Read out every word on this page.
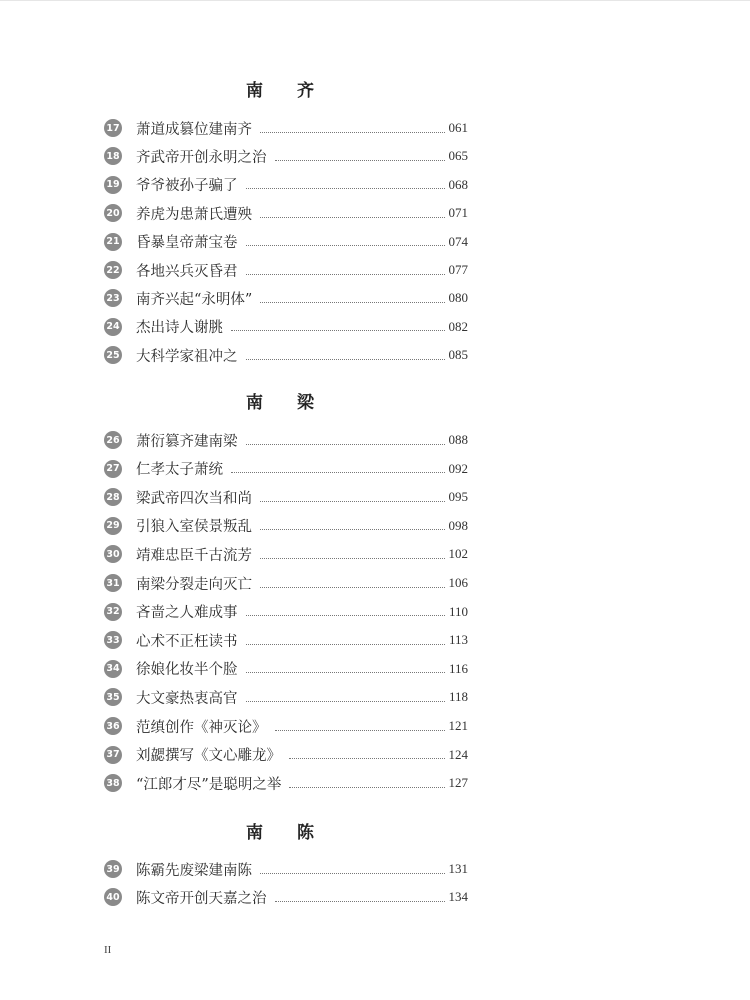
南 齐
17 萧道成篡位建南齐	061
18 齐武帝开创永明之治	065
19 爷爷被孙子骗了	068
20 养虎为患萧氏遭殃	071
21 昏暴皇帝萧宝卷	074
22 各地兴兵灭昏君	077
23 南齐兴起“永明体”	080
24 杰出诗人谢朓	082
25 大科学家祖冲之	085
南 梁
26 萧衍篡齐建南梁	088
27 仁孝太子萧统	092
28 梁武帝四次当和尚	095
29 引狼入室侯景叛乱	098
30 靖难忠臣千古流芳	102
31 南梁分裂走向灭亡	106
32 吝啬之人难成事	110
33 心术不正枉读书	113
34 徐娘化妆半个脸	116
35 大文豪热衷高官	118
36 范缜创作《神灭论》	121
37 刘勰撰写《文心雕龙》	124
38 “江郎才尽”是聪明之举	127
南 陈
39 陈霸先废梁建南陈	131
40 陈文帝开创天嘉之治	134
II
